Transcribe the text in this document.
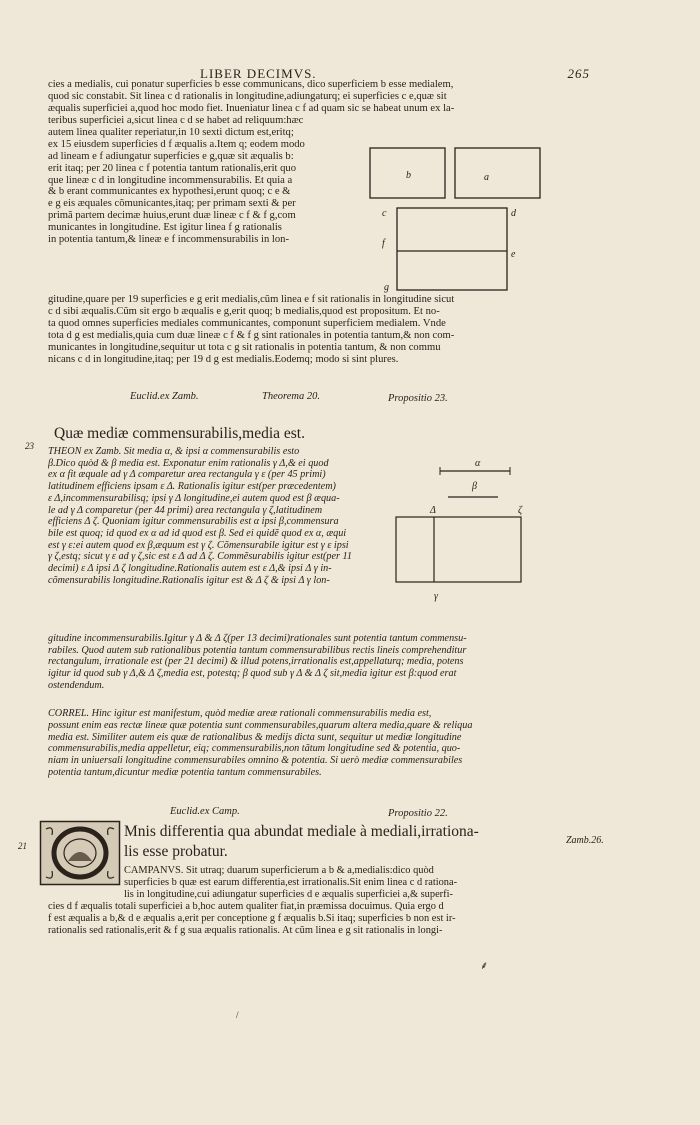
LIBER DECIMVS.	265
cies a medialis, cui ponatur superficies b esse communicans, dico superficiem b esse medialem,
quod sic constabit. Sit linea c d rationalis in longitudine,adiungaturq; ei superficies c e,quæ sit
æqualis superficiei a,quod hoc modo fiet. Inueniatur linea c f ad quam sic se habeat unum ex la-
teribus superficiei a,sicut linea c d se habet ad reliquum:hæc
autem linea qualiter reperiatur,in 10 sexti dictum est,eritq;
ex 15 eiusdem superficies d f æqualis a.Item q; eodem modo
ad lineam e f adiungatur superficies e g,quæ sit æqualis b:
erit itaq; per 20 linea c f potentia tantum rationalis,erit quo
que lineæ c d in longitudine incommensurabilis. Et quia a
& b erant communicantes ex hypothesi,erunt quoq; c e &
e g eis æquales cõmunicantes,itaq; per primam sexti & per
primã partem decimæ huius,erunt duæ lineæ c f & f g,com
municantes in longitudine. Est igitur linea f g rationalis
in potentia tantum,& lineæ e f incommensurabilis in lon-
gitudine,quare per 19 superficies e g erit medialis,cũm linea e f sit rationalis in longitudine sicut
c d sibi æqualis.Cũm sit ergo b æqualis e g,erit quoq; b medialis,quod est propositum. Et no-
ta quod omnes superficies mediales communicantes, componunt superficiem medialem. Vnde
tota d g est medialis,quia cum duæ lineæ c f & f g sint rationales in potentia tantum,& non com-
municantes in longitudine,sequitur ut tota c g sit rationalis in potentia tantum, & non commu
nicans c d in longitudine,itaq; per 19 d g est medialis.Eodemq; modo si sint plures.
b	a
c	d
f
e
g
Euclid.ex Zamb.	Theorema 20.	Propositio 23.
23
Quæ mediæ commensurabilis,media est.
THEON ex Zamb. Sit media α, & ipsi α commensurabilis esto
β.Dico quòd & β media est. Exponatur enim rationalis γ Δ,& ei quod
ex α fit æquale ad γ Δ comparetur area rectangula γ ε (per 45 primi)
latitudinem efficiens ipsam ε Δ. Rationalis igitur est(per præcedentem)
ε Δ,incommensurabilisq; ipsi γ Δ longitudine,ei autem quod est β æqua-
le ad γ Δ comparetur (per 44 primi) area rectangula γ ζ,latitudinem
efficiens Δ ζ. Quoniam igitur commensurabilis est α ipsi β,commensura
bile est quoq; id quod ex α ad id quod est β. Sed ei quidẽ quod ex α, æqui
est γ ε:ei autem quod ex β,æquum est γ ζ. Cõmensurabile igitur est γ ε ipsi
γ ζ,estq; sicut γ ε ad γ ζ,sic est ε Δ ad Δ ζ. Commẽsurabilis igitur est(per 11
decimi) ε Δ ipsi Δ ζ longitudine.Rationalis autem est ε Δ,& ipsi Δ γ in-
cõmensurabilis longitudine.Rationalis igitur est & Δ ζ & ipsi Δ γ lon-
gitudine incommensurabilis.Igitur γ Δ & Δ ζ(per 13 decimi)rationales sunt potentia tantum commensu-
rabiles. Quod autem sub rationalibus potentia tantum commensurabilibus rectis lineis comprehenditur
rectangulum, irrationale est (per 21 decimi) & illud potens,irrationalis est,appellaturq; media, potens
igitur id quod sub γ Δ,& Δ ζ,media est, potestq; β quod sub γ Δ & Δ ζ sit,media igitur est β:quod erat
ostendendum.
α
β
Δ	ζ
γ
CORREL. Hinc igitur est manifestum, quòd mediæ areæ rationali commensurabilis media est,
possunt enim eas rectæ lineæ quæ potentia sunt commensurabiles,quarum altera media,quare & reliqua
media est. Similiter autem eis quæ de rationalibus & medijs dicta sunt, sequitur ut mediæ longitudine
commensurabilis,media appelletur, eiq; commensurabilis,non tãtum longitudine sed & potentia, quo-
niam in uniuersali longitudine commensurabiles omnino & potentia. Si uerò mediæ commensurabiles
potentia tantum,dicuntur mediæ potentia tantum commensurabiles.
Euclid.ex Camp.	Propositio 22.
21
Mnis differentia qua abundat mediale à mediali,irrationa-
lis esse probatur.
Zamb.26.
CAMPANVS. Sit utraq; duarum superficierum a b & a,medialis:dico quòd
superficies b quæ est earum differentia,est irrationalis.Sit enim linea c d rationa-
lis in longitudine,cui adiungatur superficies d e æqualis superficiei a,& superfi-
cies d f æqualis totali superficiei a b,hoc autem qualiter fiat,in præmissa docuimus. Quia ergo d
f est æqualis a b,& d e æqualis a,erit per conceptione g f æqualis b.Si itaq; superficies b non est ir-
rationalis sed rationalis,erit & f g sua æqualis rationalis. At cũm linea e g sit rationalis in longi-
⸙
/
